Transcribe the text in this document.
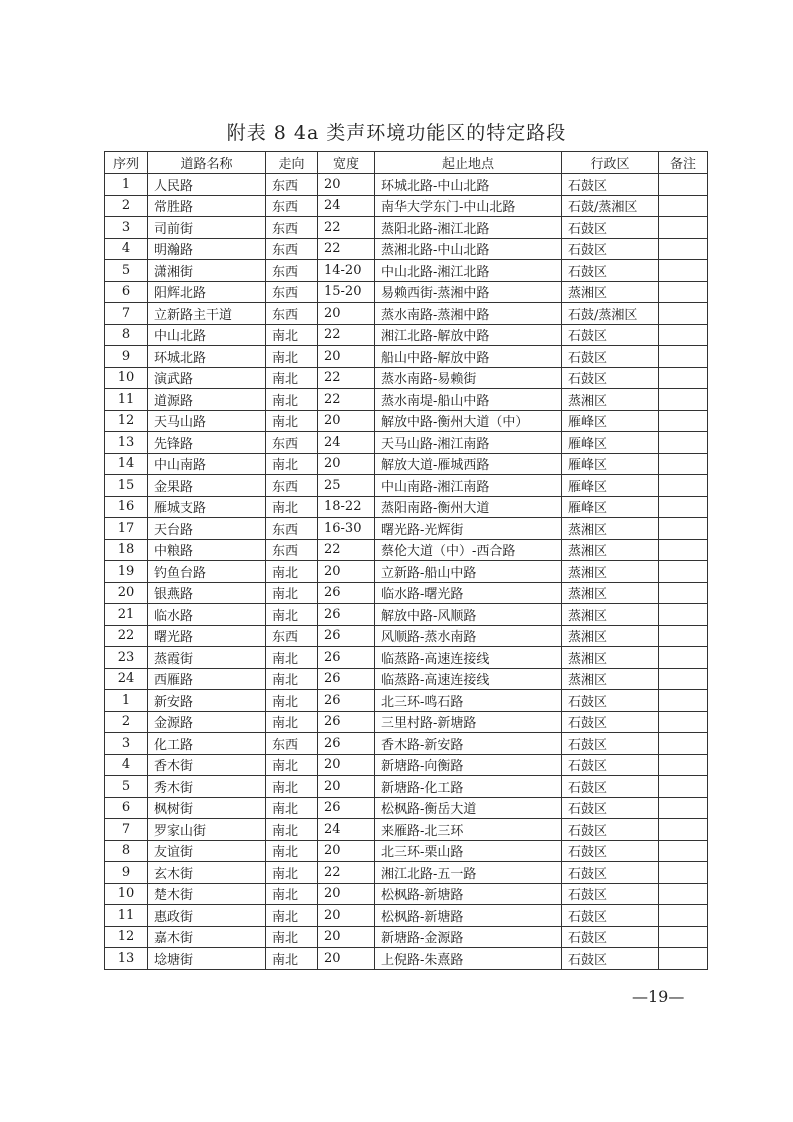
附表 8 4a 类声环境功能区的特定路段
序列	道路名称	走向	宽度	起止地点	行政区	备注
1	人民路	东西	20	环城北路-中山北路	石鼓区	
2	常胜路	东西	24	南华大学东门-中山北路	石鼓/蒸湘区	
3	司前街	东西	22	蒸阳北路-湘江北路	石鼓区	
4	明瀚路	东西	22	蒸湘北路-中山北路	石鼓区	
5	潇湘街	东西	14-20	中山北路-湘江北路	石鼓区	
6	阳辉北路	东西	15-20	易赖西街-蒸湘中路	蒸湘区	
7	立新路主干道	东西	20	蒸水南路-蒸湘中路	石鼓/蒸湘区	
8	中山北路	南北	22	湘江北路-解放中路	石鼓区	
9	环城北路	南北	20	船山中路-解放中路	石鼓区	
10	演武路	南北	22	蒸水南路-易赖街	石鼓区	
11	道源路	南北	22	蒸水南堤-船山中路	蒸湘区	
12	天马山路	南北	20	解放中路-衡州大道（中）	雁峰区	
13	先锋路	东西	24	天马山路-湘江南路	雁峰区	
14	中山南路	南北	20	解放大道-雁城西路	雁峰区	
15	金果路	东西	25	中山南路-湘江南路	雁峰区	
16	雁城支路	南北	18-22	蒸阳南路-衡州大道	雁峰区	
17	天台路	东西	16-30	曙光路-光辉街	蒸湘区	
18	中粮路	东西	22	蔡伦大道（中）-西合路	蒸湘区	
19	钓鱼台路	南北	20	立新路-船山中路	蒸湘区	
20	银燕路	南北	26	临水路-曙光路	蒸湘区	
21	临水路	南北	26	解放中路-风顺路	蒸湘区	
22	曙光路	东西	26	风顺路-蒸水南路	蒸湘区	
23	蒸霞街	南北	26	临蒸路-高速连接线	蒸湘区	
24	西雁路	南北	26	临蒸路-高速连接线	蒸湘区	
1	新安路	南北	26	北三环-鸣石路	石鼓区	
2	金源路	南北	26	三里村路-新塘路	石鼓区	
3	化工路	东西	26	香木路-新安路	石鼓区	
4	香木街	南北	20	新塘路-向衡路	石鼓区	
5	秀木街	南北	20	新塘路-化工路	石鼓区	
6	枫树街	南北	26	松枫路-衡岳大道	石鼓区	
7	罗家山街	南北	24	来雁路-北三环	石鼓区	
8	友谊街	南北	20	北三环-栗山路	石鼓区	
9	玄木街	南北	22	湘江北路-五一路	石鼓区	
10	楚木街	南北	20	松枫路-新塘路	石鼓区	
11	惠政街	南北	20	松枫路-新塘路	石鼓区	
12	嘉木街	南北	20	新塘路-金源路	石鼓区	
13	埝塘街	南北	20	上倪路-朱熹路	石鼓区	
—19—
